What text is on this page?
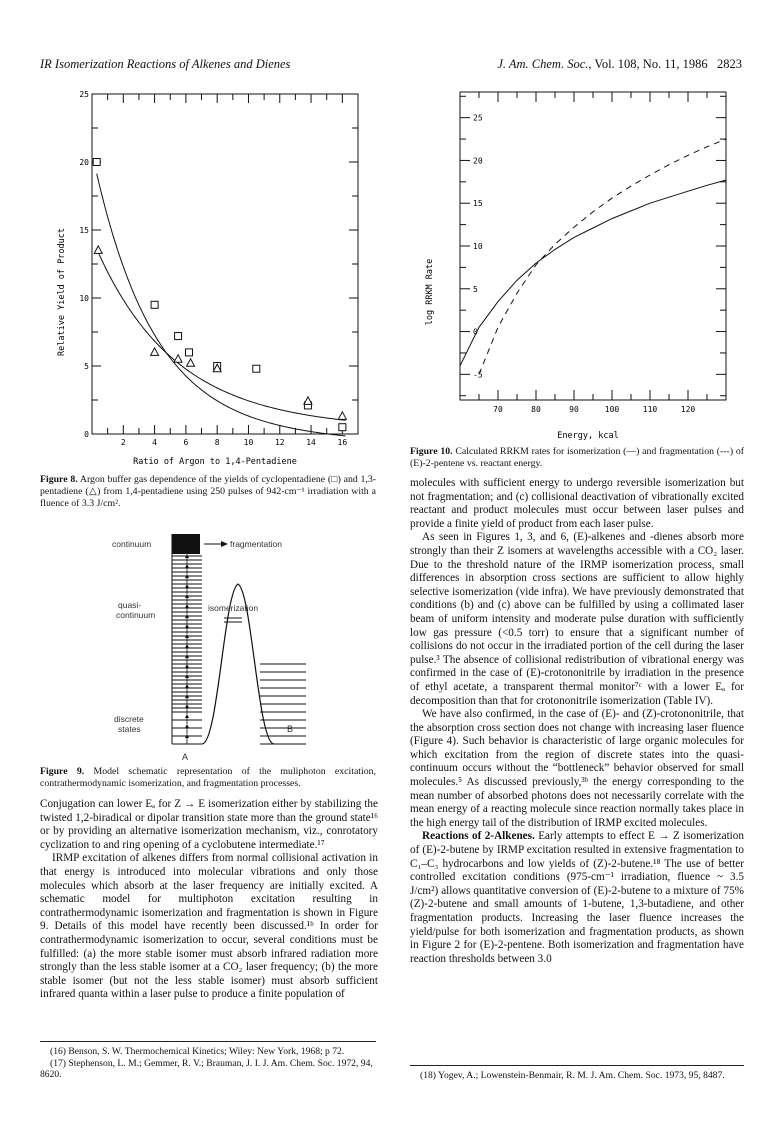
IR Isomerization Reactions of Alkenes and Dienes	J. Am. Chem. Soc., Vol. 108, No. 11, 1986 2823
2	4	6	8	10	12	14	16
0
5
10
15
20
25
Ratio of Argon to 1,4-Pentadiene
Relative Yield of Product
Figure 8. Argon buffer gas dependence of the yields of cyclopentadiene (□) and 1,3-pentadiene (△) from 1,4-pentadiene using 250 pulses of 942-cm⁻¹ irradiation with a fluence of 3.3 J/cm².
continuum	fragmentation
quasi-
continuum
isomerization
discrete
states
A
B
Figure 9. Model schematic representation of the muliphoton excitation, contrathermodynamic isomerization, and fragmentation processes.

Conjugation can lower Eₐ for Z → E isomerization either by stabilizing the twisted 1,2-biradical or dipolar transition state more than the ground state¹⁶ or by providing an alternative isomerization mechanism, viz., conrotatory cyclization to and ring opening of a cyclobutene intermediate.¹⁷

IRMP excitation of alkenes differs from normal collisional activation in that energy is introduced into molecular vibrations and only those molecules which absorb at the laser frequency are initially excited. A schematic model for multiphoton excitation resulting in contrathermodynamic isomerization and fragmentation is shown in Figure 9. Details of this model have recently been discussed.¹ᵇ In order for contrathermodynamic isomerization to occur, several conditions must be fulfilled: (a) the more stable isomer must absorb infrared radiation more strongly than the less stable isomer at a CO₂ laser frequency; (b) the more stable isomer (but not the less stable isomer) must absorb sufficient infrared quanta within a laser pulse to produce a finite population of

(16) Benson, S. W. Thermochemical Kinetics; Wiley: New York, 1968; p 72.

(17) Stephenson, L. M.; Gemmer, R. V.; Brauman, J. I. J. Am. Chem. Soc. 1972, 94, 8620.

70	80	90	100	110	120
25
20
15
10
5
0
-5
Energy, kcal
log RRKM Rate
Figure 10. Calculated RRKM rates for isomerization (—) and fragmentation (---) of (E)-2-pentene vs. reactant energy.

molecules with sufficient energy to undergo reversible isomerization but not fragmentation; and (c) collisional deactivation of vibrationally excited reactant and product molecules must occur between laser pulses and provide a finite yield of product from each laser pulse.

As seen in Figures 1, 3, and 6, (E)-alkenes and -dienes absorb more strongly than their Z isomers at wavelengths accessible with a CO₂ laser. Due to the threshold nature of the IRMP isomerization process, small differences in absorption cross sections are sufficient to allow highly selective isomerization (vide infra). We have previously demonstrated that conditions (b) and (c) above can be fulfilled by using a collimated laser beam of uniform intensity and moderate pulse duration with sufficiently low gas pressure (<0.5 torr) to ensure that a significant number of collisions do not occur in the irradiated portion of the cell during the laser pulse.³ The absence of collisional redistribution of vibrational energy was confirmed in the case of (E)-crotononitrile by irradiation in the presence of ethyl acetate, a transparent thermal monitor⁷ᶜ with a lower Eₐ for decomposition than that for crotononitrile isomerization (Table IV).

We have also confirmed, in the case of (E)- and (Z)-crotononitrile, that the absorption cross section does not change with increasing laser fluence (Figure 4). Such behavior is characteristic of large organic molecules for which excitation from the region of discrete states into the quasi-continuum occurs without the “bottleneck” behavior observed for small molecules.⁵ As discussed previously,³ᵇ the energy corresponding to the mean number of absorbed photons does not necessarily correlate with the mean energy of a reacting molecule since reaction normally takes place in the high energy tail of the distribution of IRMP excited molecules.

Reactions of 2-Alkenes. Early attempts to effect E → Z isomerization of (E)-2-butene by IRMP excitation resulted in extensive fragmentation to C₁–C₃ hydrocarbons and low yields of (Z)-2-butene.¹⁸ The use of better controlled excitation conditions (975-cm⁻¹ irradiation, fluence ~ 3.5 J/cm²) allows quantitative conversion of (E)-2-butene to a mixture of 75% (Z)-2-butene and small amounts of 1-butene, 1,3-butadiene, and other fragmentation products. Increasing the laser fluence increases the yield/pulse for both isomerization and fragmentation products, as shown in Figure 2 for (E)-2-pentene. Both isomerization and fragmentation have reaction thresholds between 3.0

(18) Yogev, A.; Lowenstein-Benmair, R. M. J. Am. Chem. Soc. 1973, 95, 8487.
